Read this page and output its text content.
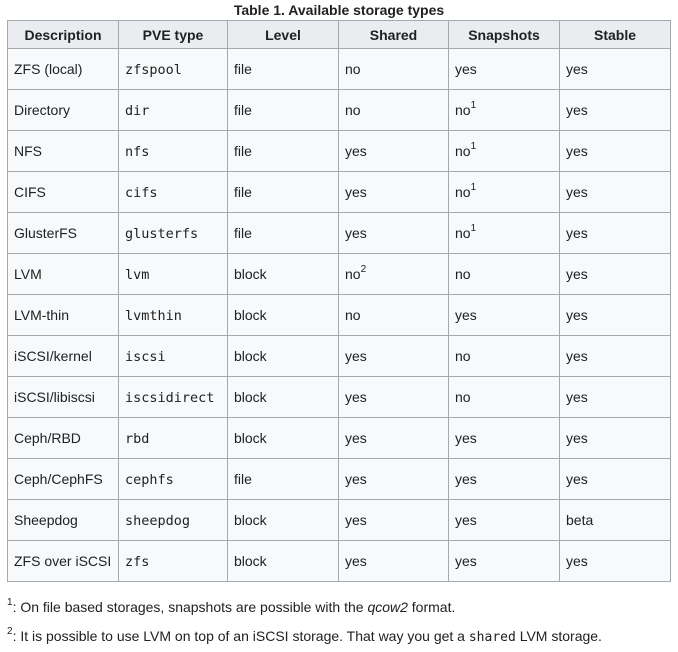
Table 1. Available storage types
Description	PVE type	Level	Shared	Snapshots	Stable
ZFS (local)	zfspool	file	no	yes	yes
Directory	dir	file	no	$no^1$	yes
NFS	nfs	file	yes	$no^1$	yes
CIFS	cifs	file	yes	$no^1$	yes
GlusterFS	glusterfs	file	yes	$no^1$	yes
LVM	lvm	block	$no^2$	no	yes
LVM-thin	lvmthin	block	no	yes	yes
iSCSI/kernel	iscsi	block	yes	no	yes
iSCSI/libiscsi	iscsidirect	block	yes	no	yes
Ceph/RBD	rbd	block	yes	yes	yes
Ceph/CephFS	cephfs	file	yes	yes	yes
Sheepdog	sheepdog	block	yes	yes	beta
ZFS over iSCSI	zfs	block	yes	yes	yes

$^1$: On file based storages, snapshots are possible with the qcow2 format.

$^2$: It is possible to use LVM on top of an iSCSI storage. That way you get a shared LVM storage.
